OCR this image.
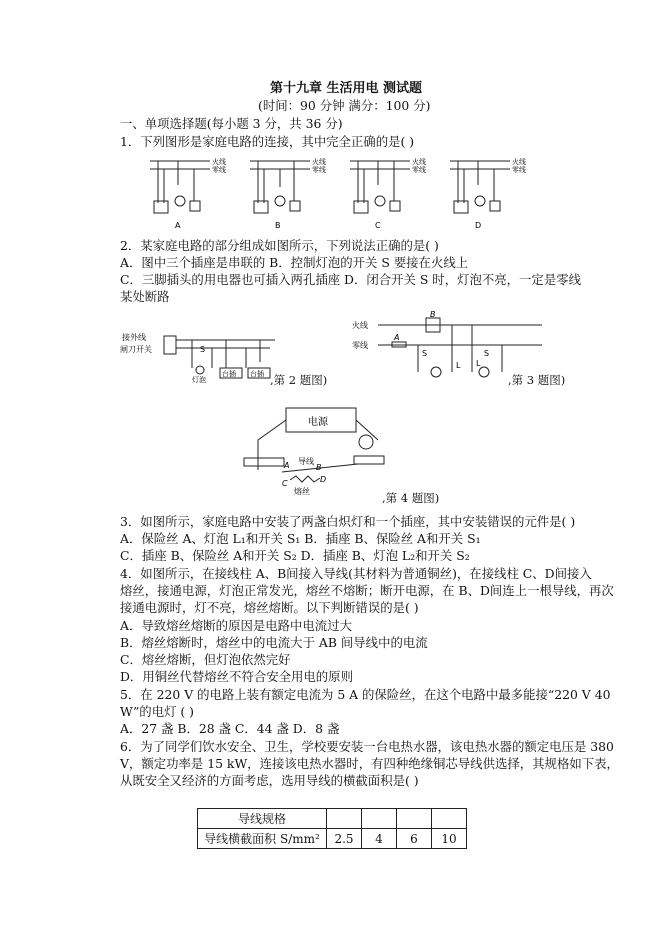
第十九章 生活用电 测试题
(时间：90 分钟 满分：100 分)
一、单项选择题(每小题 3 分，共 36 分)
1．下列图形是家庭电路的连接，其中完全正确的是( )
火线
零线
A
火线
零线
B
火线
零线
C
火线
零线
D
2．某家庭电路的部分组成如图所示，下列说法正确的是( )
A．图中三个插座是串联的 B．控制灯泡的开关 S 要接在火线上
C．三脚插头的用电器也可插入两孔插座 D．闭合开关 S 时，灯泡不亮，一定是零线
某处断路
接外线
闸刀开关	S
灯泡
台插 台插 ,第 2 题图)
火线
零线
A
B
S
L
S
L
,第 3 题图)
电源
导线
A	B
C	D
熔丝	,第 4 题图)
3．如图所示，家庭电路中安装了两盏白炽灯和一个插座，其中安装错误的元件是( )
A．保险丝 A、灯泡 L₁和开关 S₁ B．插座 B、保险丝 A和开关 S₁
C．插座 B、保险丝 A和开关 S₂ D．插座 B、灯泡 L₂和开关 S₂
4．如图所示，在接线柱 A、B间接入导线(其材料为普通铜丝)，在接线柱 C、D间接入
熔丝，接通电源，灯泡正常发光，熔丝不熔断；断开电源，在 B、D间连上一根导线，再次
接通电源时，灯不亮，熔丝熔断。以下判断错误的是( )
A．导致熔丝熔断的原因是电路中电流过大
B．熔丝熔断时，熔丝中的电流大于 AB 间导线中的电流
C．熔丝熔断，但灯泡依然完好
D．用铜丝代替熔丝不符合安全用电的原则
5．在 220 V 的电路上装有额定电流为 5 A 的保险丝，在这个电路中最多能接“220 V 40
W”的电灯 ( )
A．27 盏 B．28 盏 C．44 盏 D．8 盏
6．为了同学们饮水安全、卫生，学校要安装一台电热水器，该电热水器的额定电压是 380
V，额定功率是 15 kW，连接该电热水器时，有四种绝缘铜芯导线供选择，其规格如下表，
从既安全又经济的方面考虑，选用导线的横截面积是( )
导线规格				
导线横截面积 S/mm²	2.5	4	6	10
